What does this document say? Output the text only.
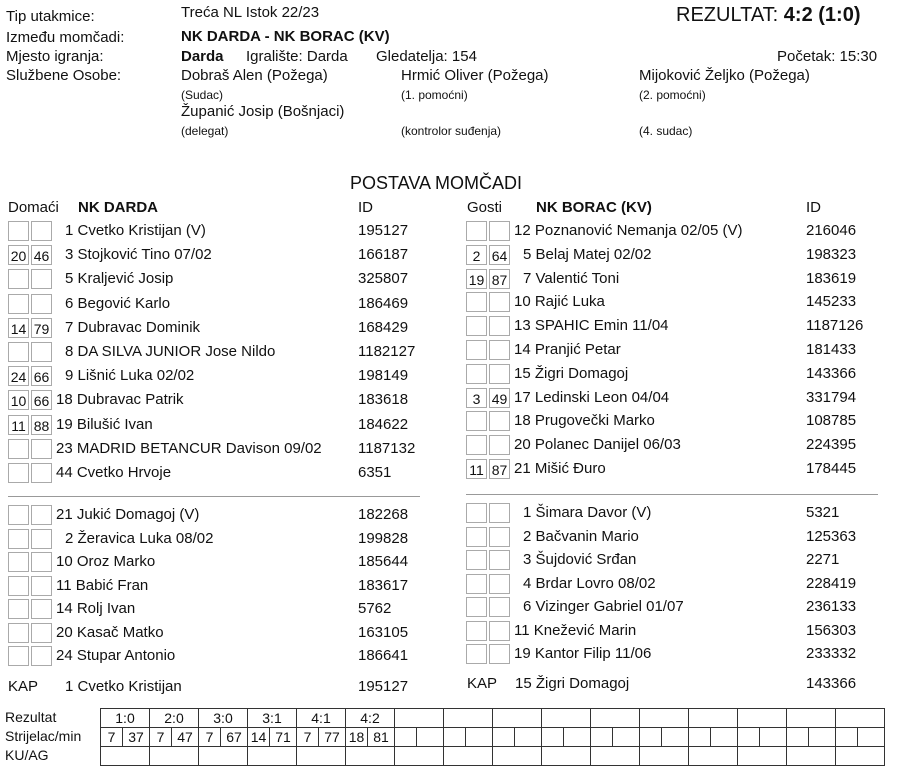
Tip utakmice:	Treća NL Istok 22/23	REZULTAT: 4:2 (1:0)
Između momčadi:	NK DARDA - NK BORAC (KV)
Mjesto igranja:	Darda Igralište: Darda Gledatelja: 154	Početak: 15:30
Službene Osobe:	Dobraš Alen (Požega)
(Sudac)
Hrmić Oliver (Požega)
(1. pomoćni)
Mijoković Željko (Požega)
(2. pomoćni)
Županić Josip (Bošnjaci)
(delegat)	(kontrolor suđenja)	(4. sudac)
POSTAVA MOMČADI
Domaći NK DARDA	ID	Gosti NK BORAC (KV)	ID
1 Cvetko Kristijan (V)	195127
20 46 3 Stojković Tino 07/02	166187
5 Kraljević Josip	325807
6 Begović Karlo	186469
14 79 7 Dubravac Dominik	168429
8 DA SILVA JUNIOR Jose Nildo	1182127
24 66 9 Lišnić Luka 02/02	198149
10 66 18 Dubravac Patrik	183618
11 88 19 Bilušić Ivan	184622
23 MADRID BETANCUR Davison 09/02 1187132
44 Cvetko Hrvoje	6351
12 Poznanović Nemanja 02/05 (V)	216046
2 64 5 Belaj Matej 02/02	198323
19 87 7 Valentić Toni	183619
10 Rajić Luka	145233
13 SPAHIC Emin 11/04	1187126
14 Pranjić Petar	181433
15 Žigri Domagoj	143366
3 49 17 Ledinski Leon 04/04	331794
18 Prugovečki Marko	108785
20 Polanec Danijel 06/03	224395
11 87 21 Mišić Đuro	178445
21 Jukić Domagoj (V)	182268
2 Žeravica Luka 08/02	199828
10 Oroz Marko	185644
11 Babić Fran	183617
14 Rolj Ivan	5762
20 Kasač Matko	163105
24 Stupar Antonio	186641
1 Šimara Davor (V)	5321
2 Bačvanin Mario	125363
3 Šujdović Srđan	2271
4 Brdar Lovro 08/02	228419
6 Vizinger Gabriel 01/07	236133
11 Knežević Marin	156303
19 Kantor Filip 11/06	233332
KAP 1 Cvetko Kristijan	195127	KAP 15 Žigri Domagoj	143366
Rezultat
Strijelac/min
KU/AG
1:0		2:0		3:0		3:1		4:1		4:2																					
7	37	7	47	7	67	14	71	7	77	18	81																				
